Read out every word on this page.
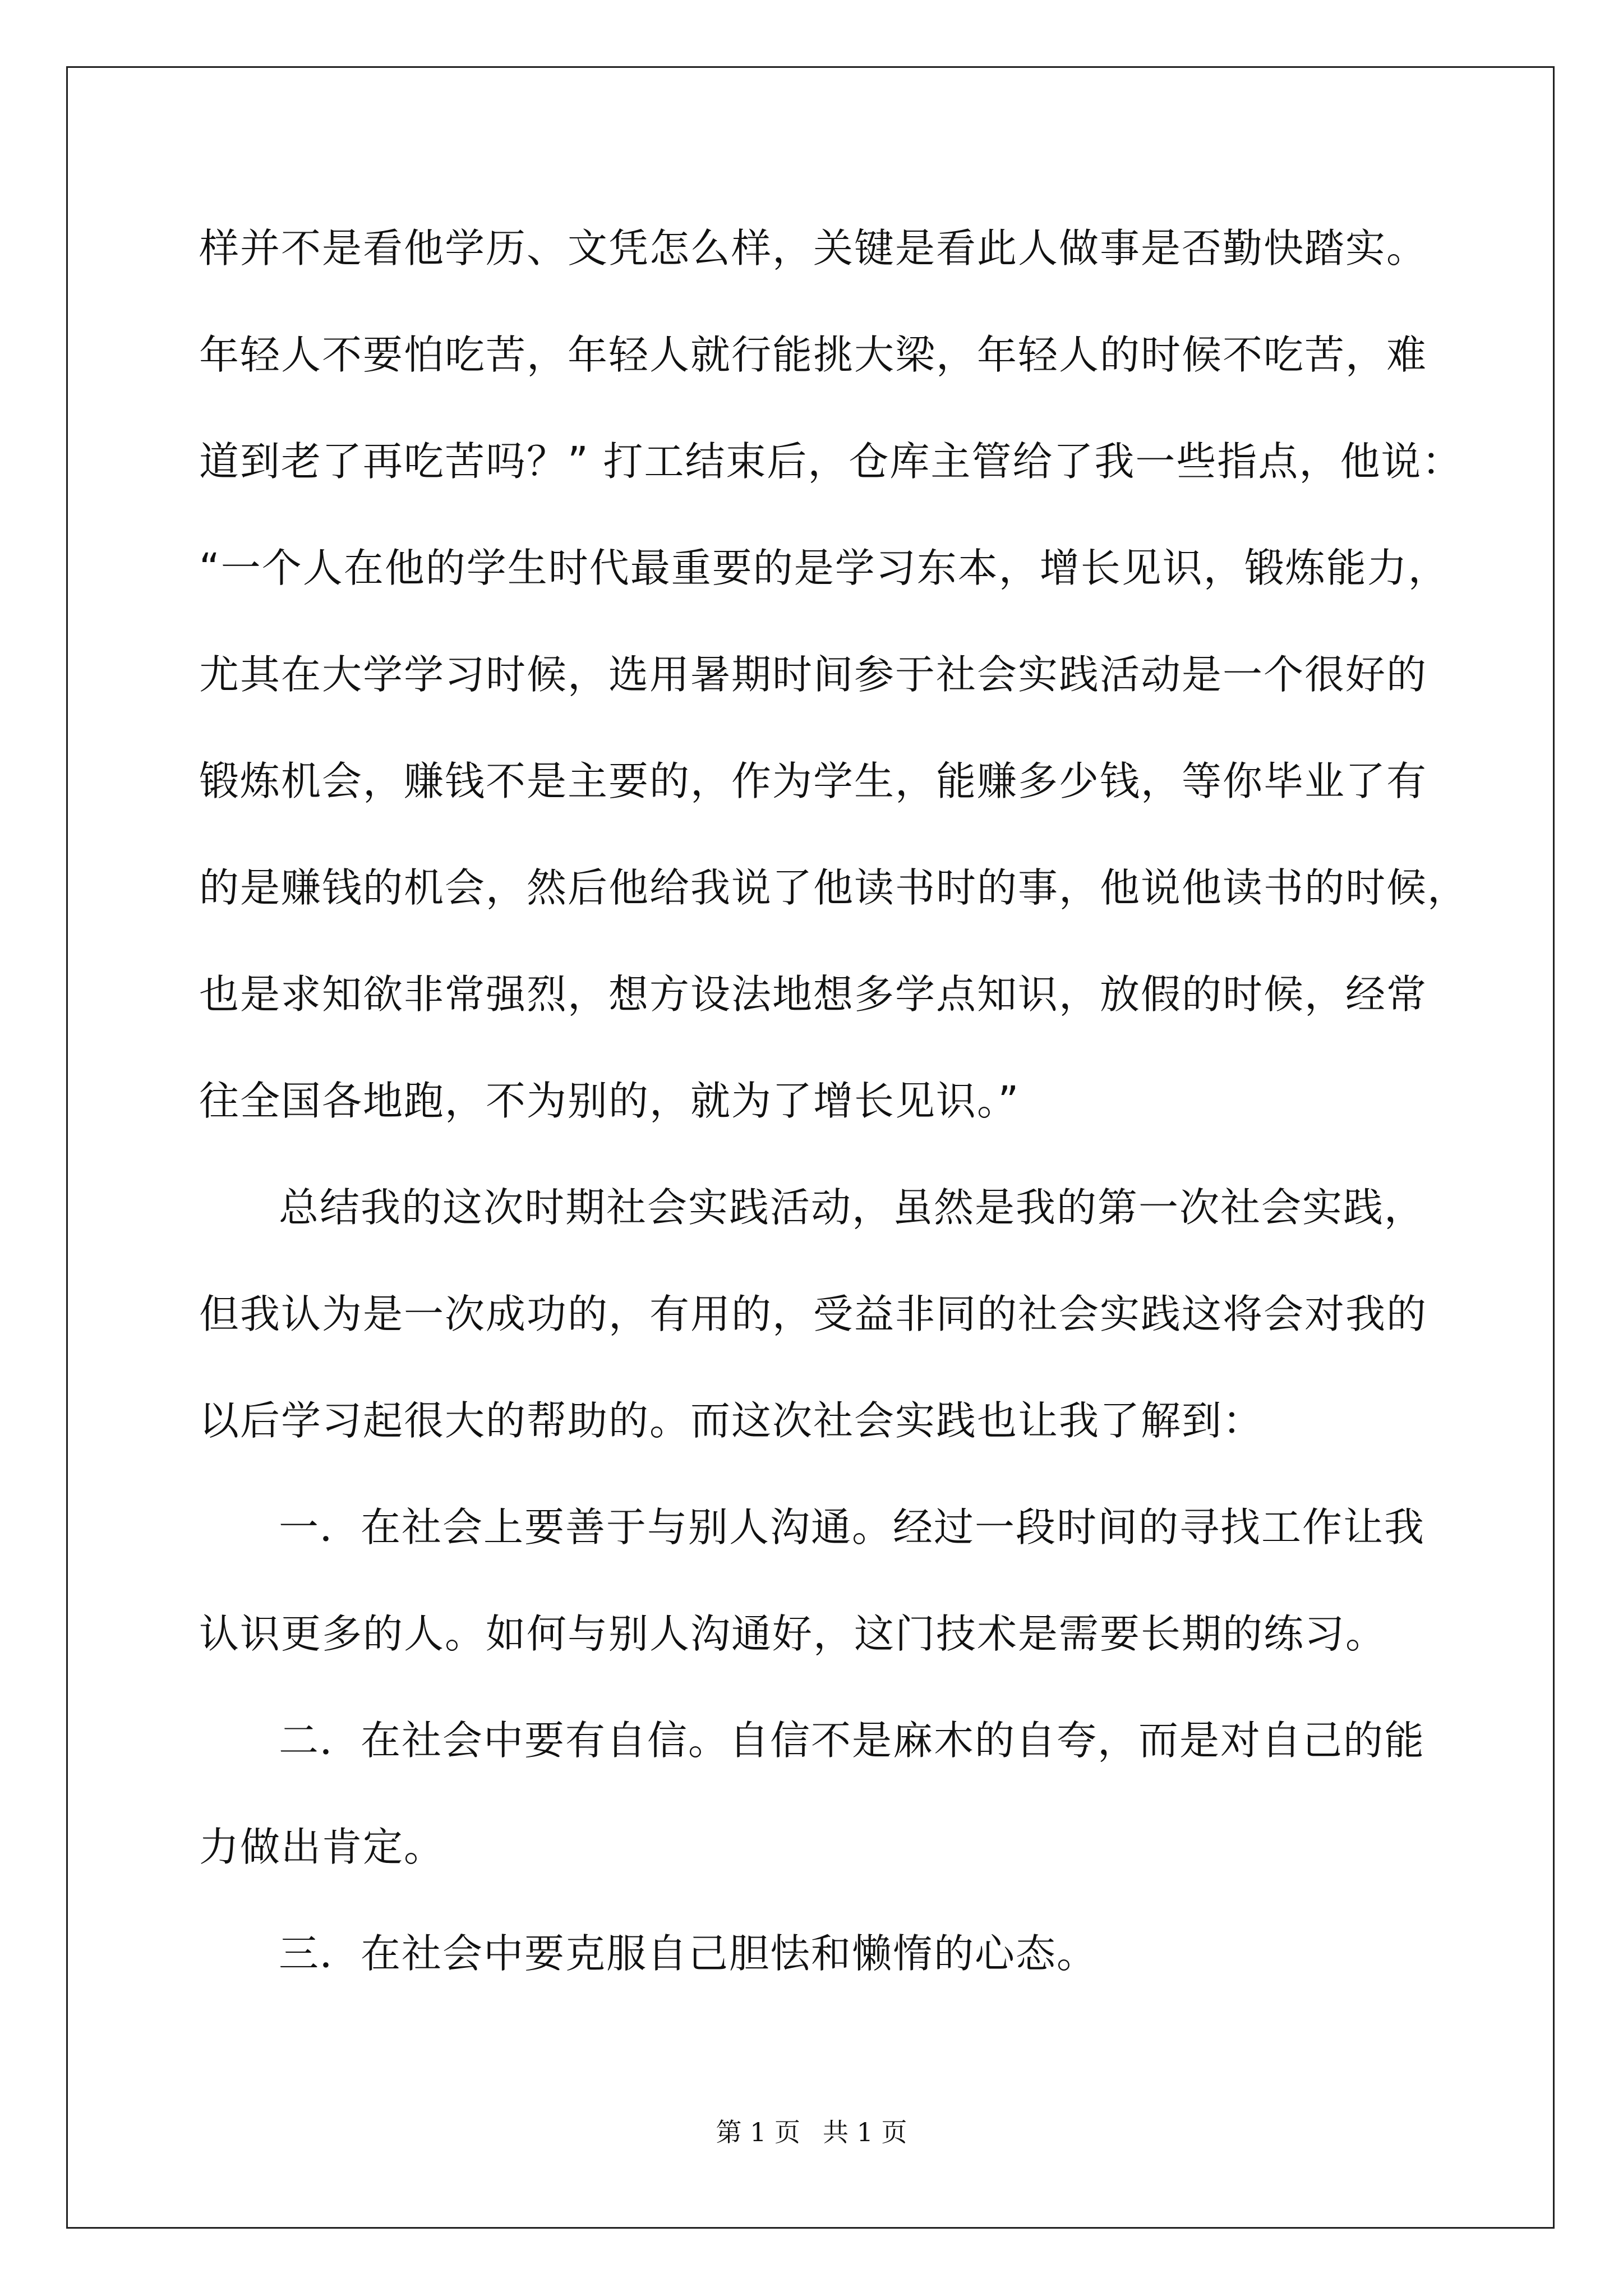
样并不是看他学历、文凭怎么样，关键是看此人做事是否勤快踏实。
年轻人不要怕吃苦，年轻人就行能挑大梁，年轻人的时候不吃苦，难
道到老了再吃苦吗？” 打工结束后，仓库主管给了我一些指点，他说：
“一个人在他的学生时代最重要的是学习东本，增长见识，锻炼能力，
尤其在大学学习时候，选用暑期时间参于社会实践活动是一个很好的
锻炼机会，赚钱不是主要的，作为学生，能赚多少钱，等你毕业了有
的是赚钱的机会，然后他给我说了他读书时的事，他说他读书的时候，
也是求知欲非常强烈，想方设法地想多学点知识，放假的时候，经常
往全国各地跑，不为别的，就为了增长见识。”
总结我的这次时期社会实践活动，虽然是我的第一次社会实践，
但我认为是一次成功的，有用的，受益非同的社会实践这将会对我的
以后学习起很大的帮助的。而这次社会实践也让我了解到：
一．在社会上要善于与别人沟通。经过一段时间的寻找工作让我
认识更多的人。如何与别人沟通好，这门技术是需要长期的练习。
二．在社会中要有自信。自信不是麻木的自夸，而是对自己的能
力做出肯定。
三．在社会中要克服自己胆怯和懒惰的心态。
第 1 页 共 1 页
